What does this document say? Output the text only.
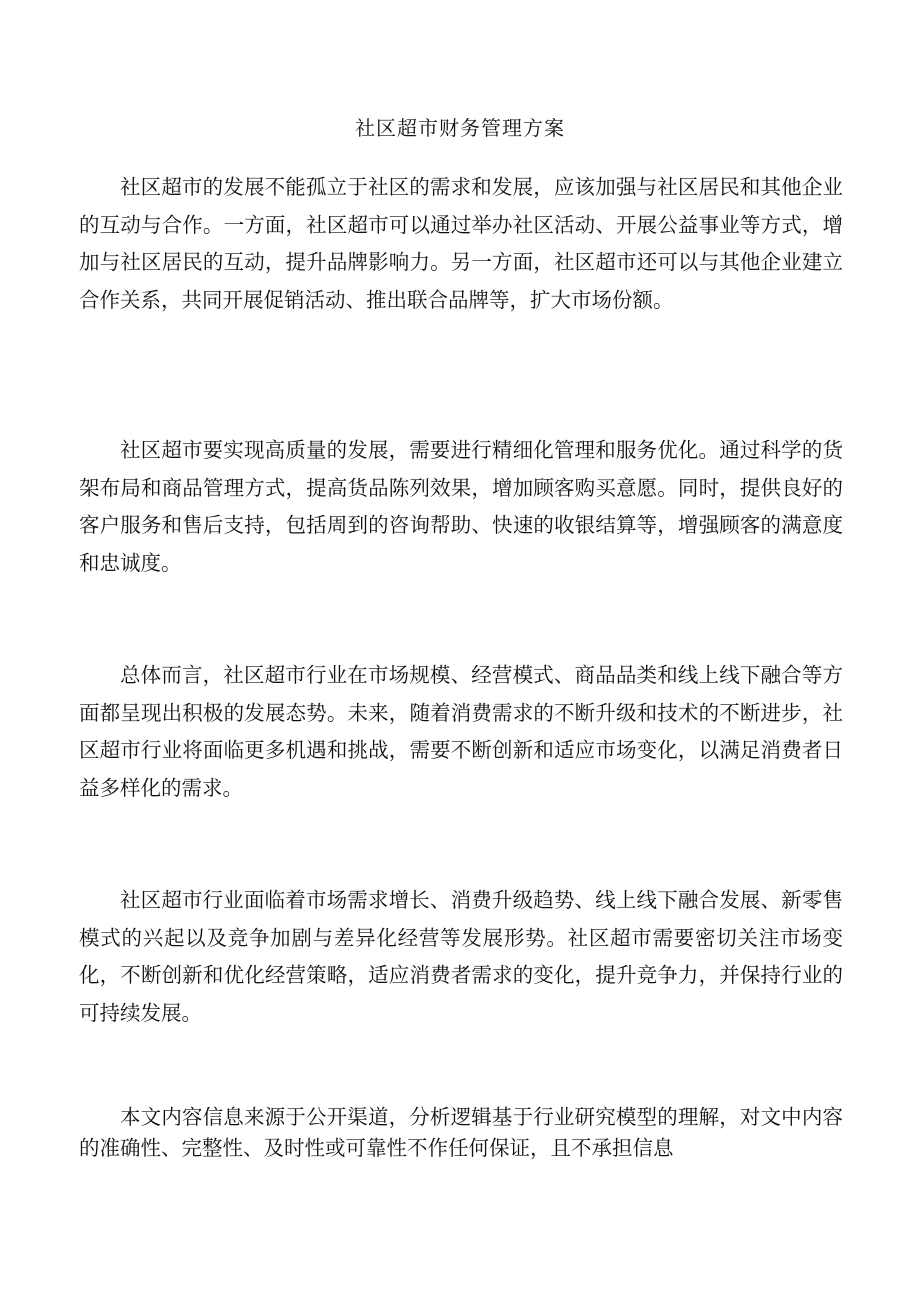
社区超市财务管理方案

社区超市的发展不能孤立于社区的需求和发展，应该加强与社区居民和其他企业的互动与合作。一方面，社区超市可以通过举办社区活动、开展公益事业等方式，增加与社区居民的互动，提升品牌影响力。另一方面，社区超市还可以与其他企业建立合作关系，共同开展促销活动、推出联合品牌等，扩大市场份额。

社区超市要实现高质量的发展，需要进行精细化管理和服务优化。通过科学的货架布局和商品管理方式，提高货品陈列效果，增加顾客购买意愿。同时，提供良好的客户服务和售后支持，包括周到的咨询帮助、快速的收银结算等，增强顾客的满意度和忠诚度。

总体而言，社区超市行业在市场规模、经营模式、商品品类和线上线下融合等方面都呈现出积极的发展态势。未来，随着消费需求的不断升级和技术的不断进步，社区超市行业将面临更多机遇和挑战，需要不断创新和适应市场变化，以满足消费者日益多样化的需求。

社区超市行业面临着市场需求增长、消费升级趋势、线上线下融合发展、新零售模式的兴起以及竞争加剧与差异化经营等发展形势。社区超市需要密切关注市场变化，不断创新和优化经营策略，适应消费者需求的变化，提升竞争力，并保持行业的可持续发展。

本文内容信息来源于公开渠道，分析逻辑基于行业研究模型的理解，对文中内容的准确性、完整性、及时性或可靠性不作任何保证，且不承担信息
